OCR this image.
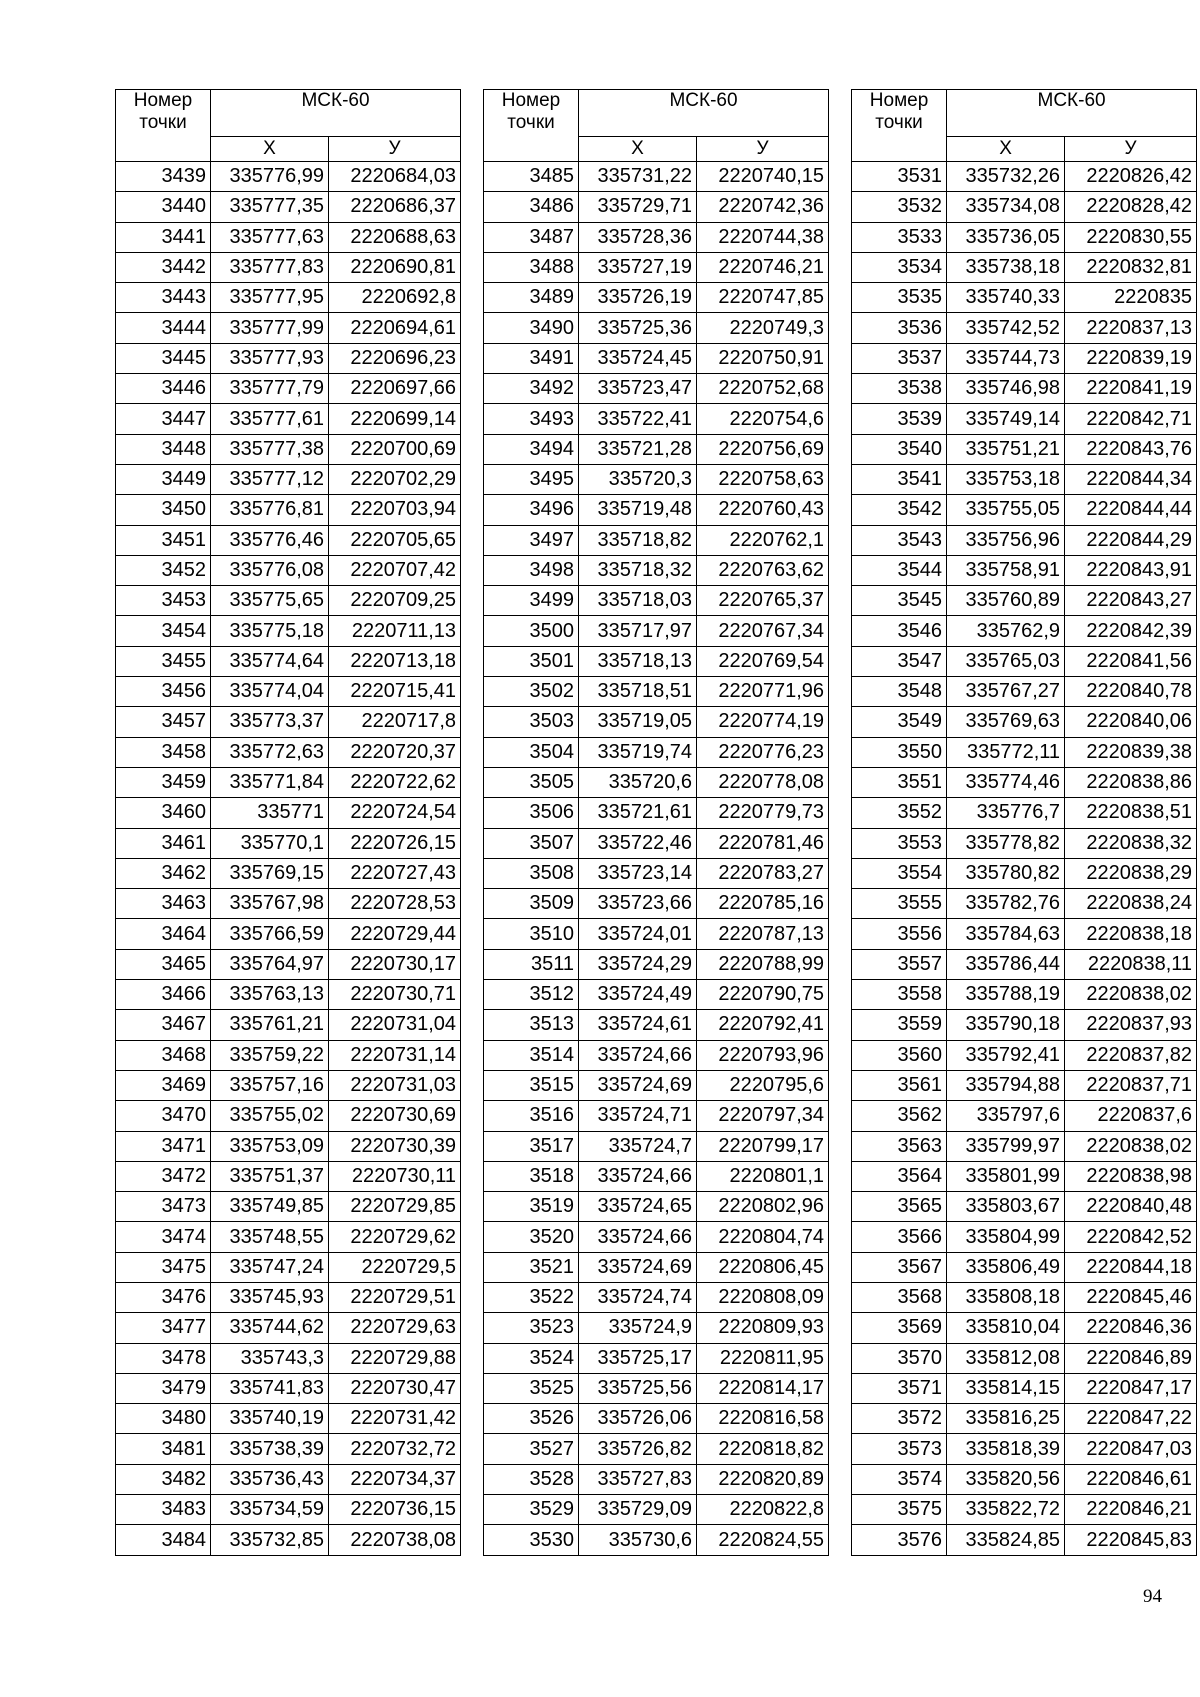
Номер
точки	МСК-60	
	Х	У
3439	335776,99	2220684,03
3440	335777,35	2220686,37
3441	335777,63	2220688,63
3442	335777,83	2220690,81
3443	335777,95	2220692,8
3444	335777,99	2220694,61
3445	335777,93	2220696,23
3446	335777,79	2220697,66
3447	335777,61	2220699,14
3448	335777,38	2220700,69
3449	335777,12	2220702,29
3450	335776,81	2220703,94
3451	335776,46	2220705,65
3452	335776,08	2220707,42
3453	335775,65	2220709,25
3454	335775,18	2220711,13
3455	335774,64	2220713,18
3456	335774,04	2220715,41
3457	335773,37	2220717,8
3458	335772,63	2220720,37
3459	335771,84	2220722,62
3460	335771	2220724,54
3461	335770,1	2220726,15
3462	335769,15	2220727,43
3463	335767,98	2220728,53
3464	335766,59	2220729,44
3465	335764,97	2220730,17
3466	335763,13	2220730,71
3467	335761,21	2220731,04
3468	335759,22	2220731,14
3469	335757,16	2220731,03
3470	335755,02	2220730,69
3471	335753,09	2220730,39
3472	335751,37	2220730,11
3473	335749,85	2220729,85
3474	335748,55	2220729,62
3475	335747,24	2220729,5
3476	335745,93	2220729,51
3477	335744,62	2220729,63
3478	335743,3	2220729,88
3479	335741,83	2220730,47
3480	335740,19	2220731,42
3481	335738,39	2220732,72
3482	335736,43	2220734,37
3483	335734,59	2220736,15
3484	335732,85	2220738,08
Номер
точки	МСК-60	
	Х	У
3485	335731,22	2220740,15
3486	335729,71	2220742,36
3487	335728,36	2220744,38
3488	335727,19	2220746,21
3489	335726,19	2220747,85
3490	335725,36	2220749,3
3491	335724,45	2220750,91
3492	335723,47	2220752,68
3493	335722,41	2220754,6
3494	335721,28	2220756,69
3495	335720,3	2220758,63
3496	335719,48	2220760,43
3497	335718,82	2220762,1
3498	335718,32	2220763,62
3499	335718,03	2220765,37
3500	335717,97	2220767,34
3501	335718,13	2220769,54
3502	335718,51	2220771,96
3503	335719,05	2220774,19
3504	335719,74	2220776,23
3505	335720,6	2220778,08
3506	335721,61	2220779,73
3507	335722,46	2220781,46
3508	335723,14	2220783,27
3509	335723,66	2220785,16
3510	335724,01	2220787,13
3511	335724,29	2220788,99
3512	335724,49	2220790,75
3513	335724,61	2220792,41
3514	335724,66	2220793,96
3515	335724,69	2220795,6
3516	335724,71	2220797,34
3517	335724,7	2220799,17
3518	335724,66	2220801,1
3519	335724,65	2220802,96
3520	335724,66	2220804,74
3521	335724,69	2220806,45
3522	335724,74	2220808,09
3523	335724,9	2220809,93
3524	335725,17	2220811,95
3525	335725,56	2220814,17
3526	335726,06	2220816,58
3527	335726,82	2220818,82
3528	335727,83	2220820,89
3529	335729,09	2220822,8
3530	335730,6	2220824,55
Номер
точки	МСК-60	
	Х	У
3531	335732,26	2220826,42
3532	335734,08	2220828,42
3533	335736,05	2220830,55
3534	335738,18	2220832,81
3535	335740,33	2220835
3536	335742,52	2220837,13
3537	335744,73	2220839,19
3538	335746,98	2220841,19
3539	335749,14	2220842,71
3540	335751,21	2220843,76
3541	335753,18	2220844,34
3542	335755,05	2220844,44
3543	335756,96	2220844,29
3544	335758,91	2220843,91
3545	335760,89	2220843,27
3546	335762,9	2220842,39
3547	335765,03	2220841,56
3548	335767,27	2220840,78
3549	335769,63	2220840,06
3550	335772,11	2220839,38
3551	335774,46	2220838,86
3552	335776,7	2220838,51
3553	335778,82	2220838,32
3554	335780,82	2220838,29
3555	335782,76	2220838,24
3556	335784,63	2220838,18
3557	335786,44	2220838,11
3558	335788,19	2220838,02
3559	335790,18	2220837,93
3560	335792,41	2220837,82
3561	335794,88	2220837,71
3562	335797,6	2220837,6
3563	335799,97	2220838,02
3564	335801,99	2220838,98
3565	335803,67	2220840,48
3566	335804,99	2220842,52
3567	335806,49	2220844,18
3568	335808,18	2220845,46
3569	335810,04	2220846,36
3570	335812,08	2220846,89
3571	335814,15	2220847,17
3572	335816,25	2220847,22
3573	335818,39	2220847,03
3574	335820,56	2220846,61
3575	335822,72	2220846,21
3576	335824,85	2220845,83
94
